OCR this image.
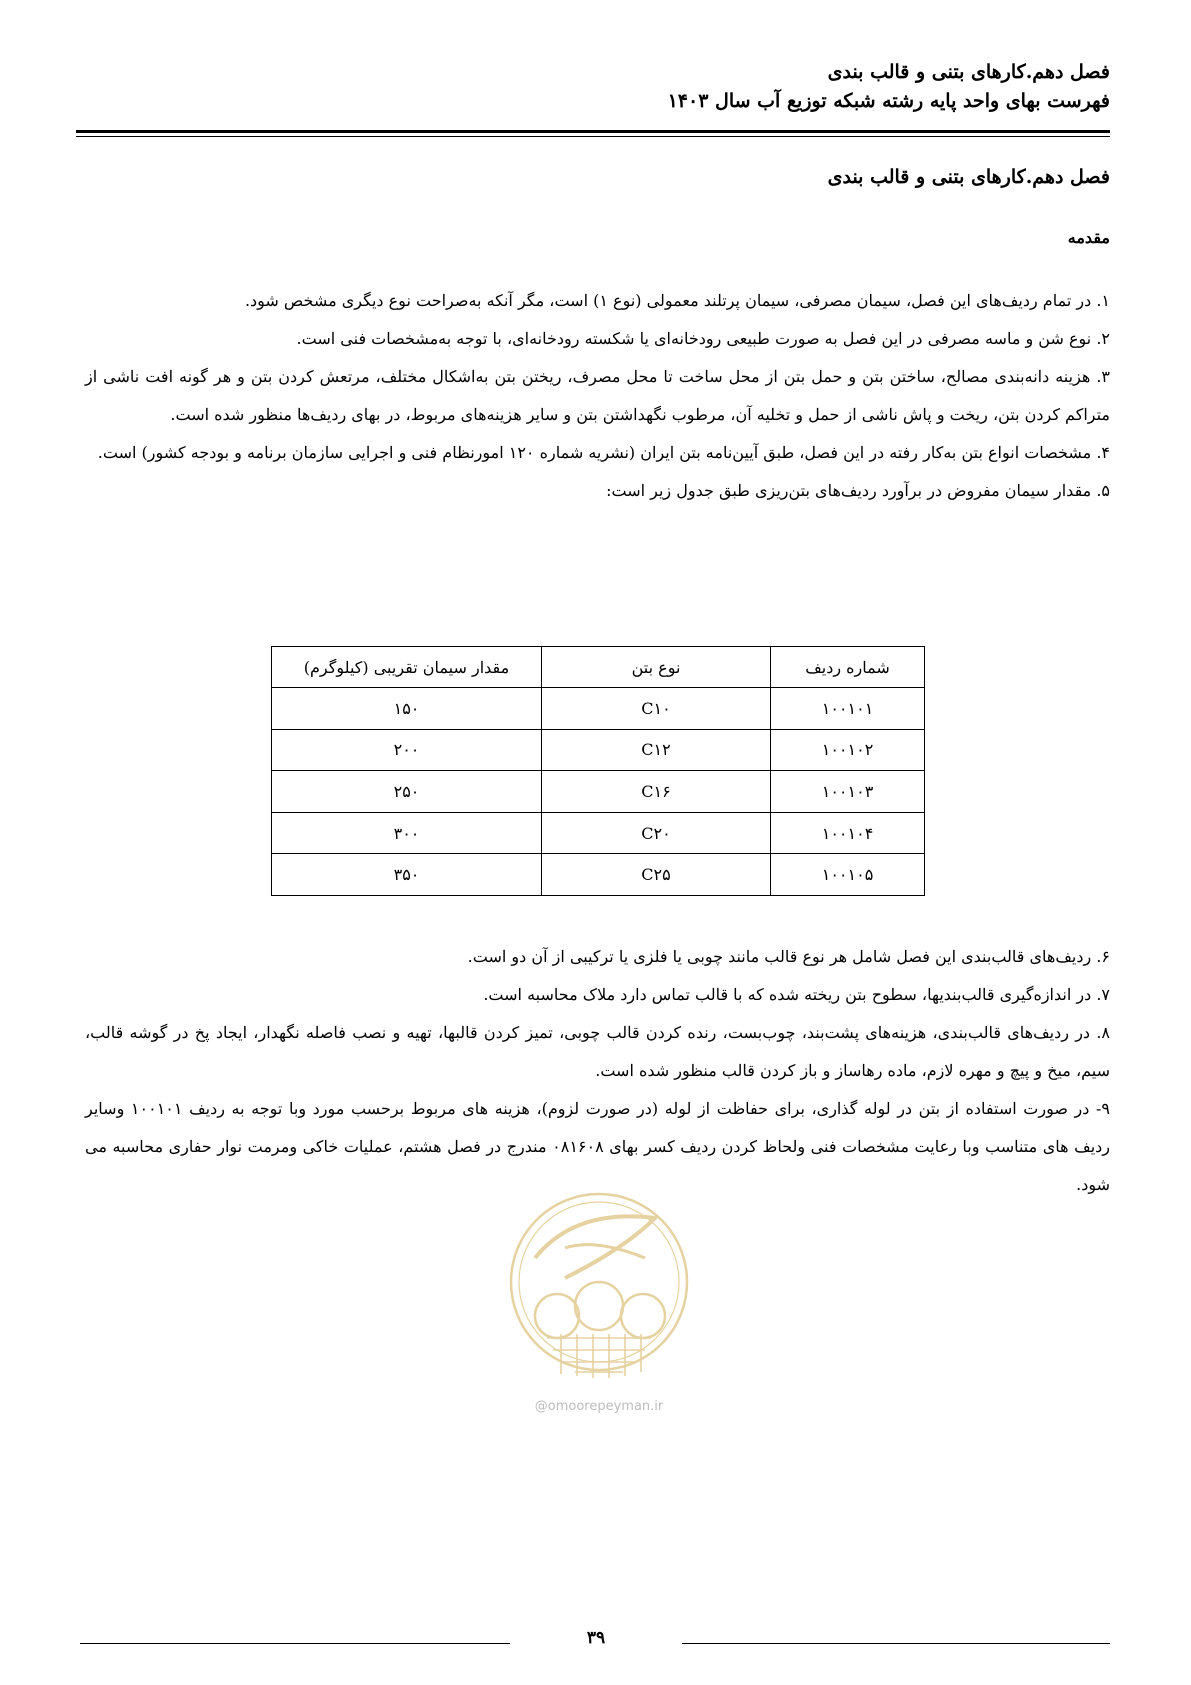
فصل دهم.کارهای بتنی و قالب بندی
فهرست بهای واحد پایه رشته شبکه توزیع آب سال ۱۴۰۳
فصل دهم.کارهای بتنی و قالب بندی
مقدمه

۱. در تمام ردیف‌های این فصل، سیمان مصرفی، سیمان پرتلند معمولی (نوع ۱) است، مگر آنکه به‌صراحت نوع دیگری مشخص شود.

۲. نوع شن و ماسه مصرفی در این فصل به صورت طبیعی رودخانه‌ای یا شکسته رودخانه‌ای، با توجه به‌مشخصات فنی است.

۳. هزینه دانه‌بندی مصالح، ساختن بتن و حمل بتن از محل ساخت تا محل مصرف، ریختن بتن به‌اشکال مختلف، مرتعش کردن بتن و هر گونه افت ناشی از متراکم کردن بتن، ریخت و پاش ناشی از حمل و تخلیه آن، مرطوب نگهداشتن بتن و سایر هزینه‌های مربوط، در بهای ردیف‌ها منظور شده است.

۴. مشخصات انواع بتن به‌کار رفته در این فصل، طبق آیین‌نامه بتن ایران (نشریه شماره ۱۲۰ امورنظام فنی و اجرایی سازمان برنامه و بودجه کشور) است.

۵. مقدار سیمان مفروض در برآورد ردیف‌های بتن‌ریزی طبق جدول زیر است:

شماره ردیف	نوع بتن	مقدار سیمان تقریبی (کیلوگرم)
۱۰۰۱۰۱	C۱۰	۱۵۰
۱۰۰۱۰۲	C۱۲	۲۰۰
۱۰۰۱۰۳	C۱۶	۲۵۰
۱۰۰۱۰۴	C۲۰	۳۰۰
۱۰۰۱۰۵	C۲۵	۳۵۰

۶. ردیف‌های قالب‌بندی این فصل شامل هر نوع قالب مانند چوبی یا فلزی یا ترکیبی از آن دو است.

۷. در اندازه‌گیری قالب‌بندیها، سطوح بتن ریخته شده که با قالب تماس دارد ملاک محاسبه است.

۸. در ردیف‌های قالب‌بندی، هزینه‌های پشت‌بند، چوب‌بست، رنده کردن قالب چوبی، تمیز کردن قالبها، تهیه و نصب فاصله نگهدار، ایجاد پخ در گوشه قالب، سیم، میخ و پیچ و مهره لازم، ماده رهاساز و باز کردن قالب منظور شده است.

۹- در صورت استفاده از بتن در لوله گذاری، برای حفاظت از لوله (در صورت لزوم)، هزینه های مربوط برحسب مورد وبا توجه به ردیف ۱۰۰۱۰۱ وسایر ردیف های متناسب وبا رعایت مشخصات فنی ولحاظ کردن ردیف کسر بهای ۰۸۱۶۰۸ مندرج در فصل هشتم، عملیات خاکی ومرمت نوار حفاری محاسبه می شود.

@omoorepeyman.ir
۳۹
